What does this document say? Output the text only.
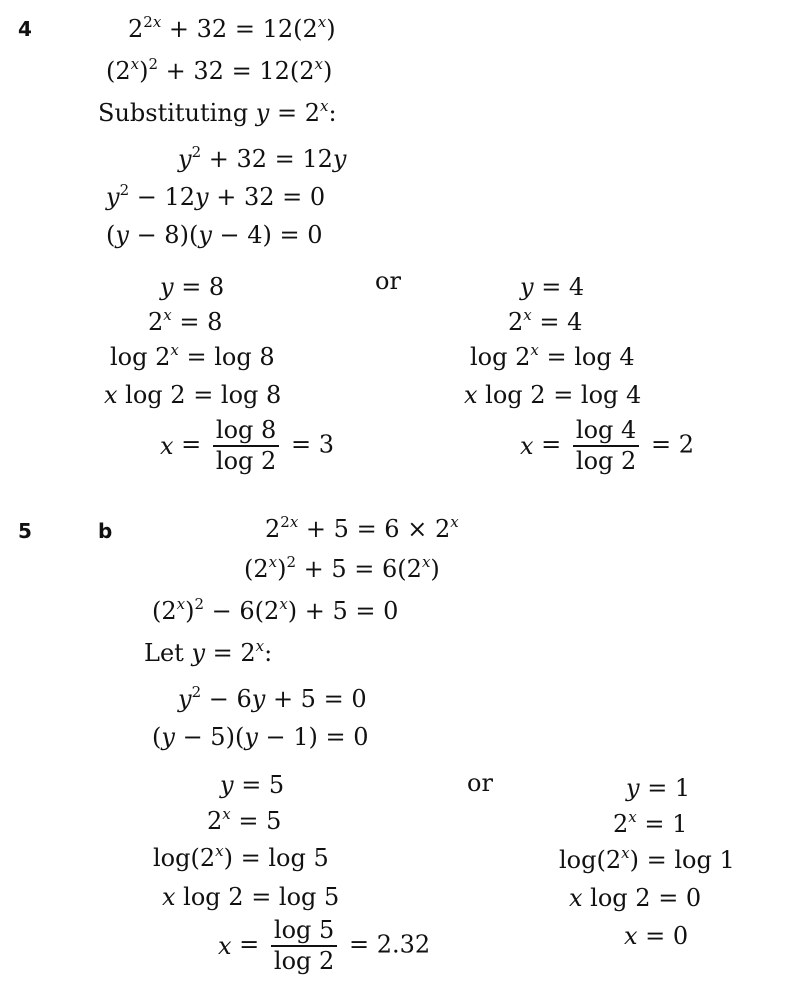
4	$2^{2x} + 32 = 12(2^x)$
$(2^x)^2 + 32 = 12(2^x)$
Substituting $y = 2^x$:
$y^2 + 32 = 12y$
$y^2 - 12y + 32 = 0$
(y − 8)(y − 4) = 0
or
y = 8
$2^x = 8$
$\log 2^x = \log 8$
x log 2 = log 8
$x = \frac{\log 8}{\log 2} = 3$
y = 4
$2^x = 4$
$\log 2^x = \log 4$
x log 2 = log 4
$x = \frac{\log 4}{\log 2} = 2$
5	b	$2^{2x} + 5 = 6 \times 2^x$
$(2^x)^2 + 5 = 6(2^x)$
$(2^x)^2 - 6(2^x) + 5 = 0$
Let $y = 2^x$:
$y^2 - 6y + 5 = 0$
(y − 5)(y − 1) = 0
or
y = 5
$2^x = 5$
$\log(2^x) = \log 5$
x log 2 = log 5
$x = \frac{\log 5}{\log 2} = 2.32$
y = 1
$2^x = 1$
$\log(2^x) = \log 1$
x log 2 = 0
x = 0
